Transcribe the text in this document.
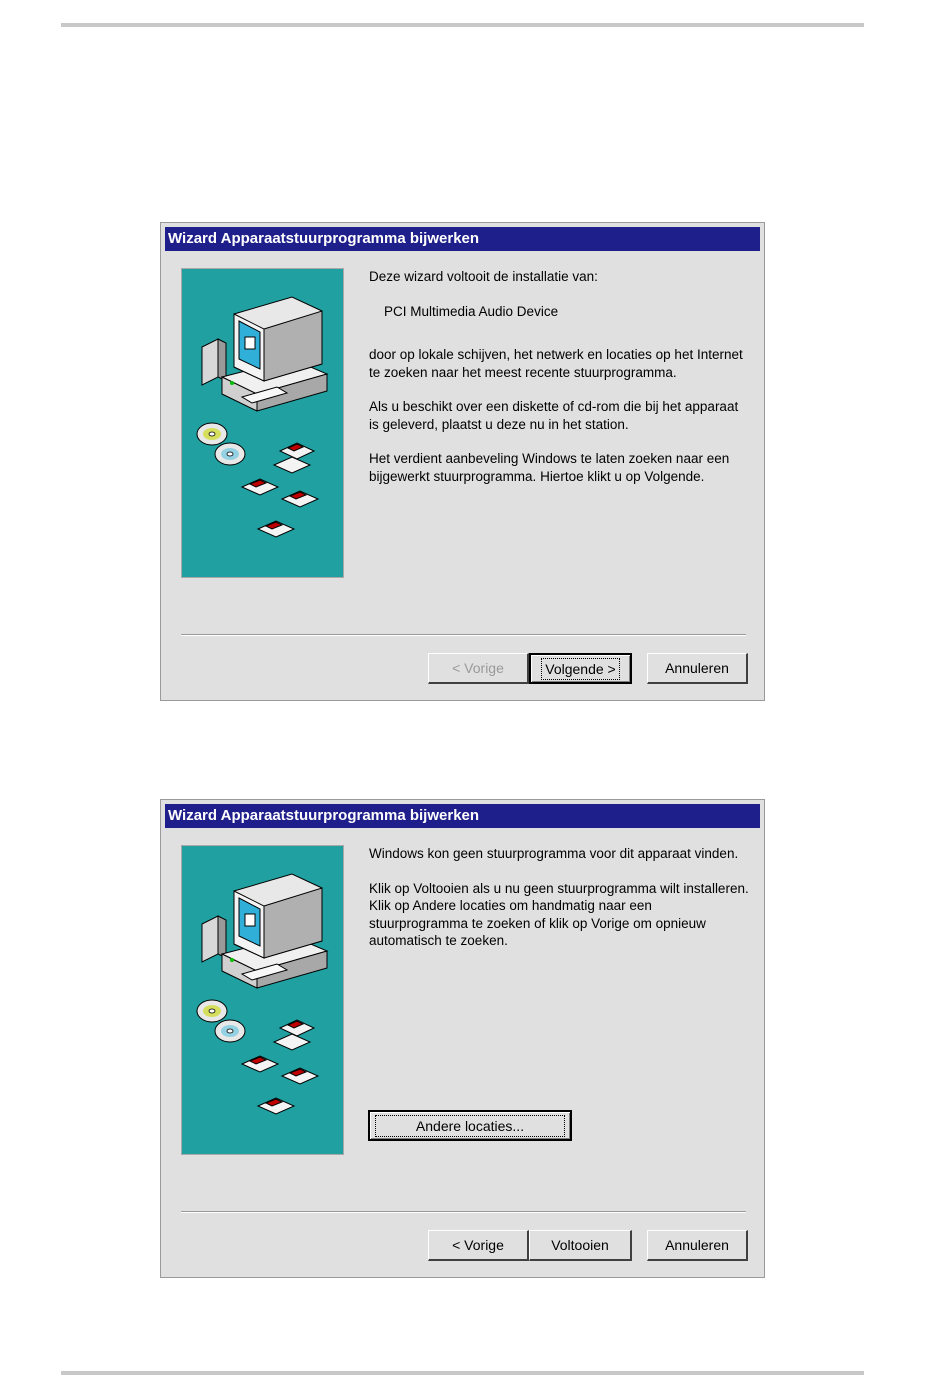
Wizard Apparaatstuurprogramma bijwerken

Deze wizard voltooit de installatie van:

PCI Multimedia Audio Device

door op lokale schijven, het netwerk en locaties op het Internet te zoeken naar het meest recente stuurprogramma.

Als u beschikt over een diskette of cd-rom die bij het apparaat is geleverd, plaatst u deze nu in het station.

Het verdient aanbeveling Windows te laten zoeken naar een bijgewerkt stuurprogramma. Hiertoe klikt u op Volgende.

< Vorige	Volgende >	Annuleren
Wizard Apparaatstuurprogramma bijwerken

Windows kon geen stuurprogramma voor dit apparaat vinden.

Klik op Voltooien als u nu geen stuurprogramma wilt installeren. Klik op Andere locaties om handmatig naar een stuurprogramma te zoeken of klik op Vorige om opnieuw automatisch te zoeken.

Andere locaties...
< Vorige	Voltooien	Annuleren
